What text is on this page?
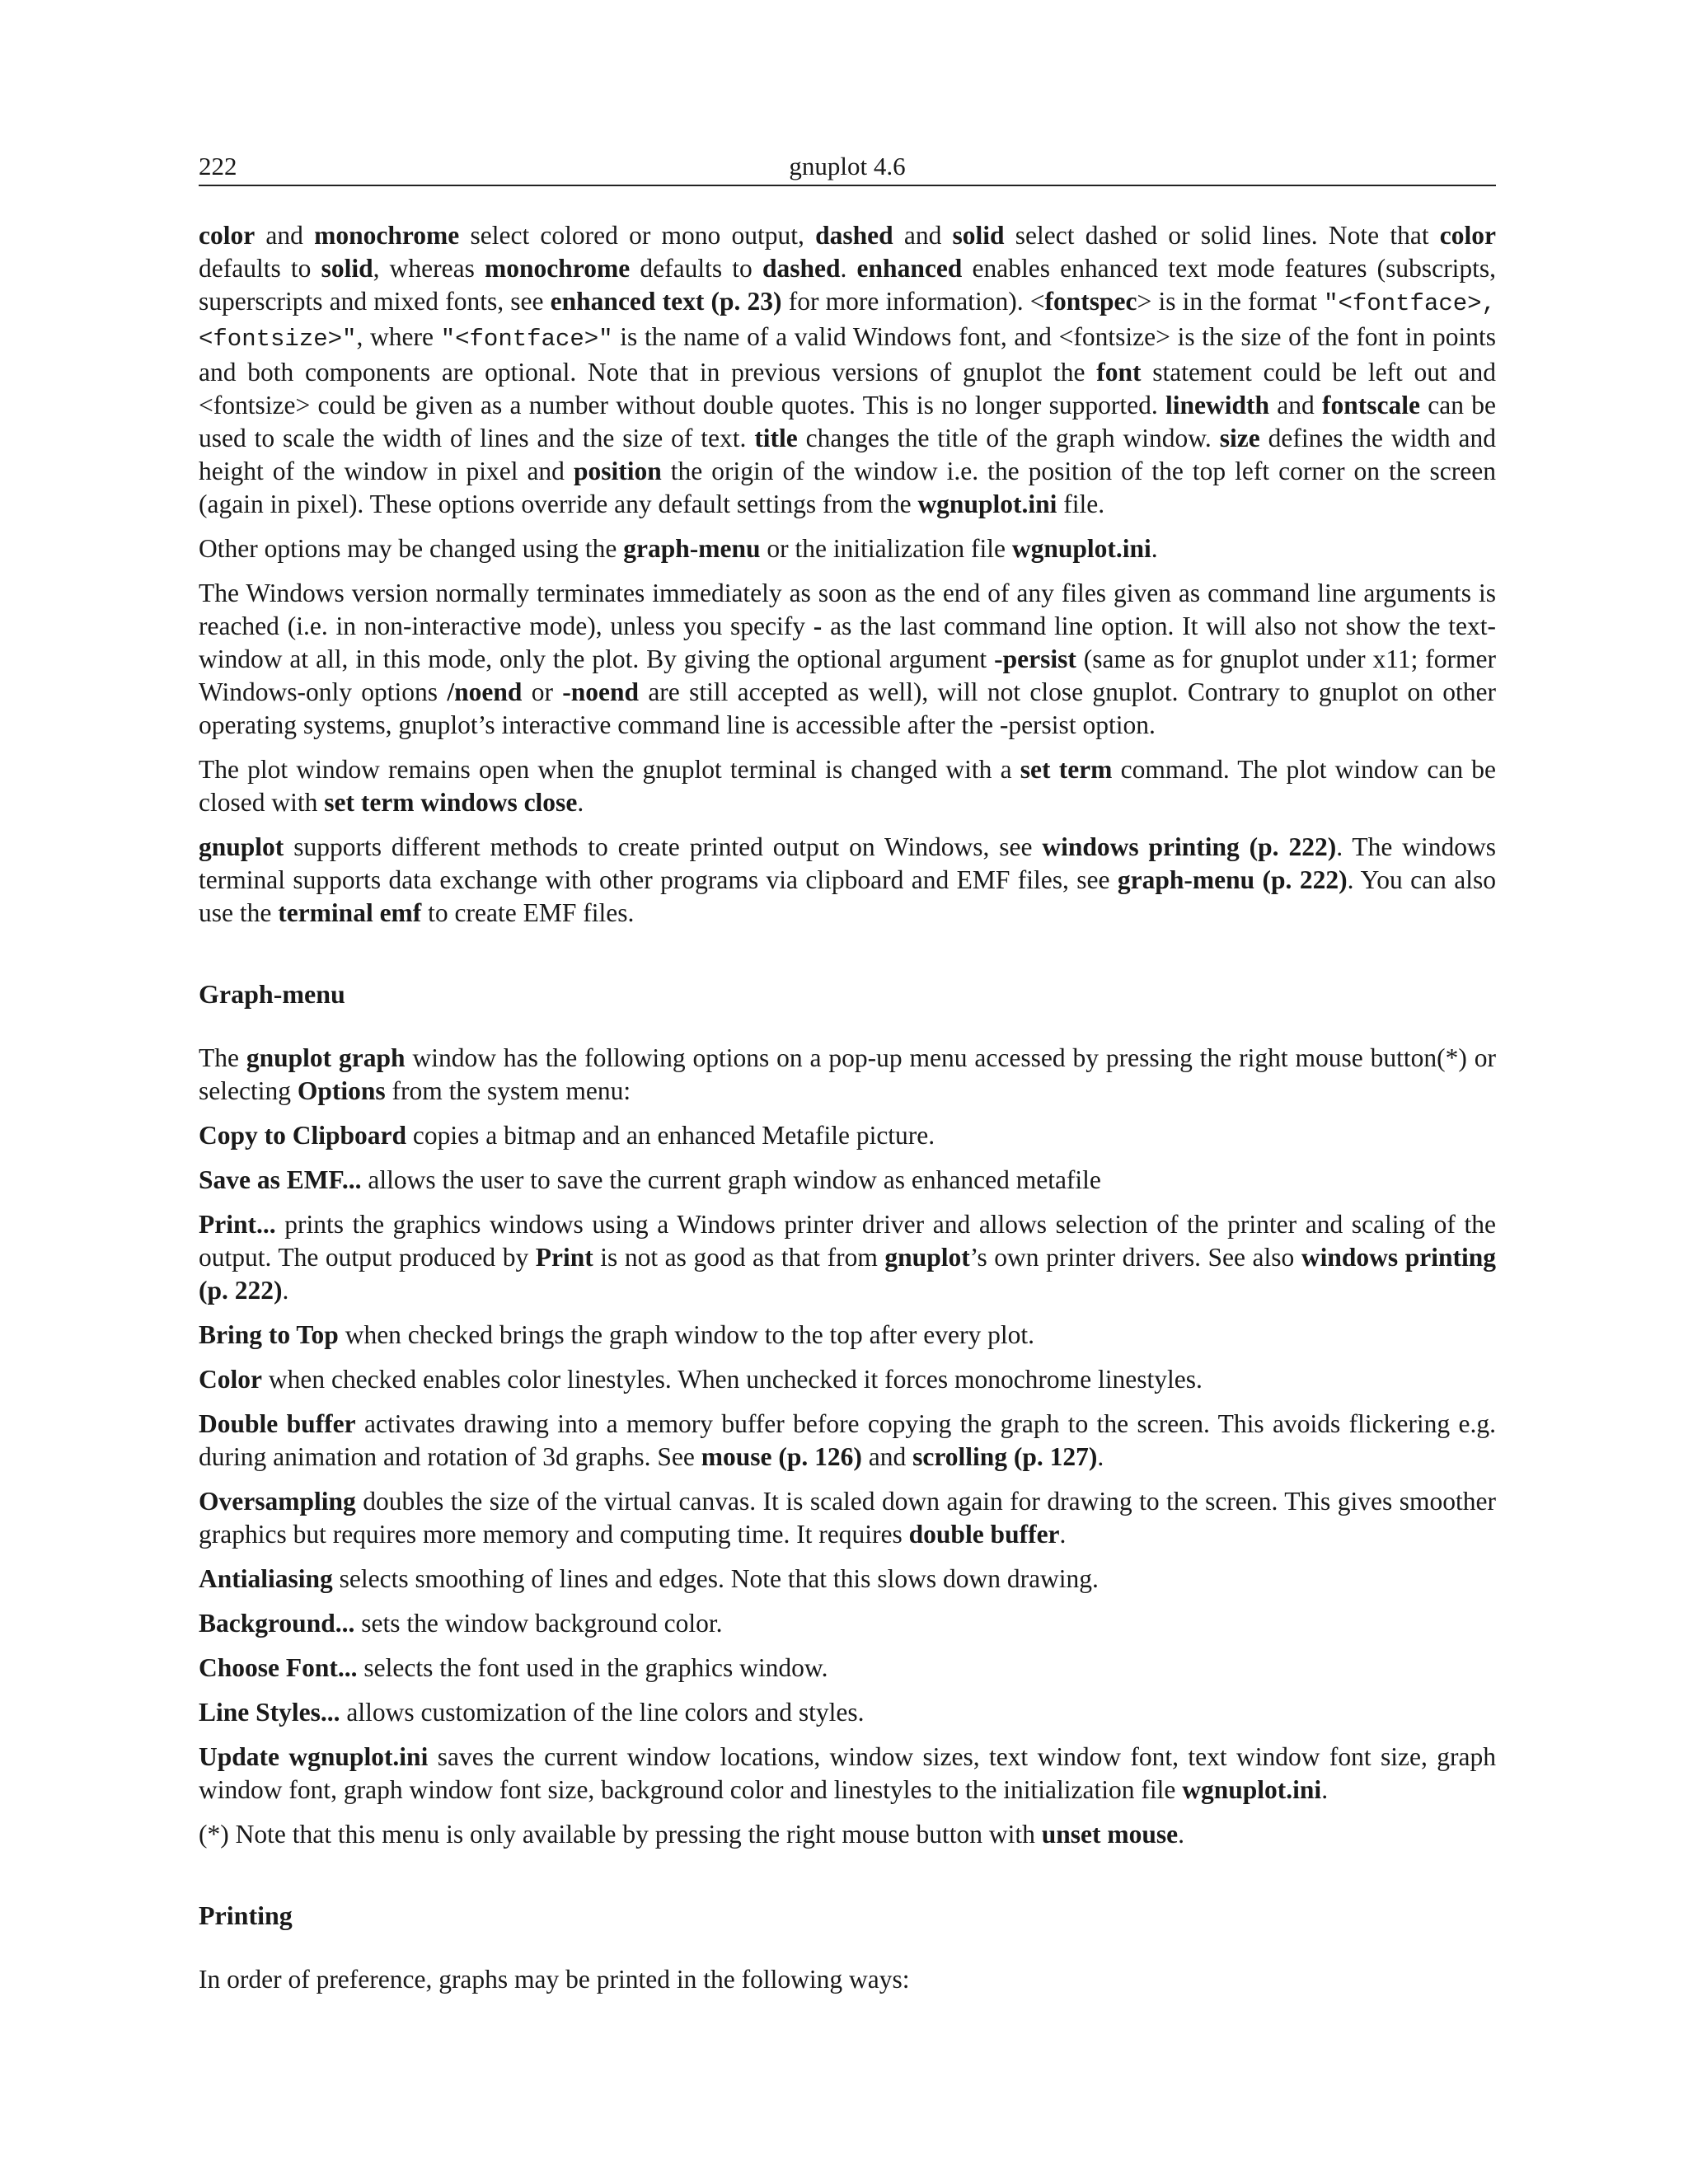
222	gnuplot 4.6

color and monochrome select colored or mono output, dashed and solid select dashed or solid lines. Note that color defaults to solid, whereas monochrome defaults to dashed. enhanced enables enhanced text mode features (subscripts, superscripts and mixed fonts, see enhanced text (p. 23) for more information). <fontspec> is in the format "<fontface>,<fontsize>", where "<fontface>" is the name of a valid Windows font, and <fontsize> is the size of the font in points and both components are optional. Note that in previous versions of gnuplot the font statement could be left out and <fontsize> could be given as a number without double quotes. This is no longer supported. linewidth and fontscale can be used to scale the width of lines and the size of text. title changes the title of the graph window. size defines the width and height of the window in pixel and position the origin of the window i.e. the position of the top left corner on the screen (again in pixel). These options override any default settings from the wgnuplot.ini file.

Other options may be changed using the graph-menu or the initialization file wgnuplot.ini.

The Windows version normally terminates immediately as soon as the end of any files given as command line arguments is reached (i.e. in non-interactive mode), unless you specify - as the last command line option. It will also not show the text-window at all, in this mode, only the plot. By giving the optional argument -persist (same as for gnuplot under x11; former Windows-only options /noend or -noend are still accepted as well), will not close gnuplot. Contrary to gnuplot on other operating systems, gnuplot’s interactive command line is accessible after the -persist option.

The plot window remains open when the gnuplot terminal is changed with a set term command. The plot window can be closed with set term windows close.

gnuplot supports different methods to create printed output on Windows, see windows printing (p. 222). The windows terminal supports data exchange with other programs via clipboard and EMF files, see graph-menu (p. 222). You can also use the terminal emf to create EMF files.

Graph-menu

The gnuplot graph window has the following options on a pop-up menu accessed by pressing the right mouse button(*) or selecting Options from the system menu:

Copy to Clipboard copies a bitmap and an enhanced Metafile picture.

Save as EMF... allows the user to save the current graph window as enhanced metafile

Print... prints the graphics windows using a Windows printer driver and allows selection of the printer and scaling of the output. The output produced by Print is not as good as that from gnuplot’s own printer drivers. See also windows printing (p. 222).

Bring to Top when checked brings the graph window to the top after every plot.

Color when checked enables color linestyles. When unchecked it forces monochrome linestyles.

Double buffer activates drawing into a memory buffer before copying the graph to the screen. This avoids flickering e.g. during animation and rotation of 3d graphs. See mouse (p. 126) and scrolling (p. 127).

Oversampling doubles the size of the virtual canvas. It is scaled down again for drawing to the screen. This gives smoother graphics but requires more memory and computing time. It requires double buffer.

Antialiasing selects smoothing of lines and edges. Note that this slows down drawing.

Background... sets the window background color.

Choose Font... selects the font used in the graphics window.

Line Styles... allows customization of the line colors and styles.

Update wgnuplot.ini saves the current window locations, window sizes, text window font, text window font size, graph window font, graph window font size, background color and linestyles to the initialization file wgnuplot.ini.

(*) Note that this menu is only available by pressing the right mouse button with unset mouse.

Printing

In order of preference, graphs may be printed in the following ways:
